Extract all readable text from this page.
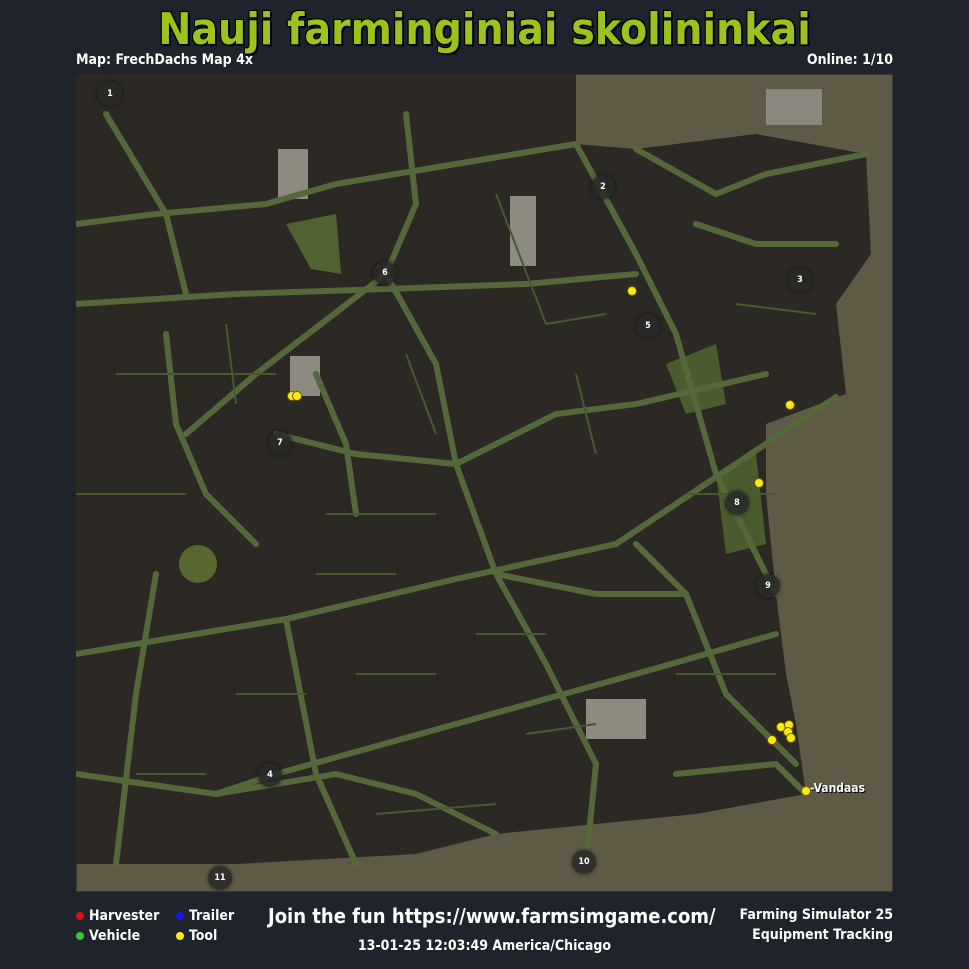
Nauji farminginiai skolininkai
Map: FrechDachs Map 4x	Online: 1/10
1
2
3
4
5
6
7
8
9
10
11
-Vandaas
Harvester Trailer
Vehicle	Tool
Join the fun https://www.farmsimgame.com/
13-01-25 12:03:49 America/Chicago
Farming Simulator 25
Equipment Tracking
